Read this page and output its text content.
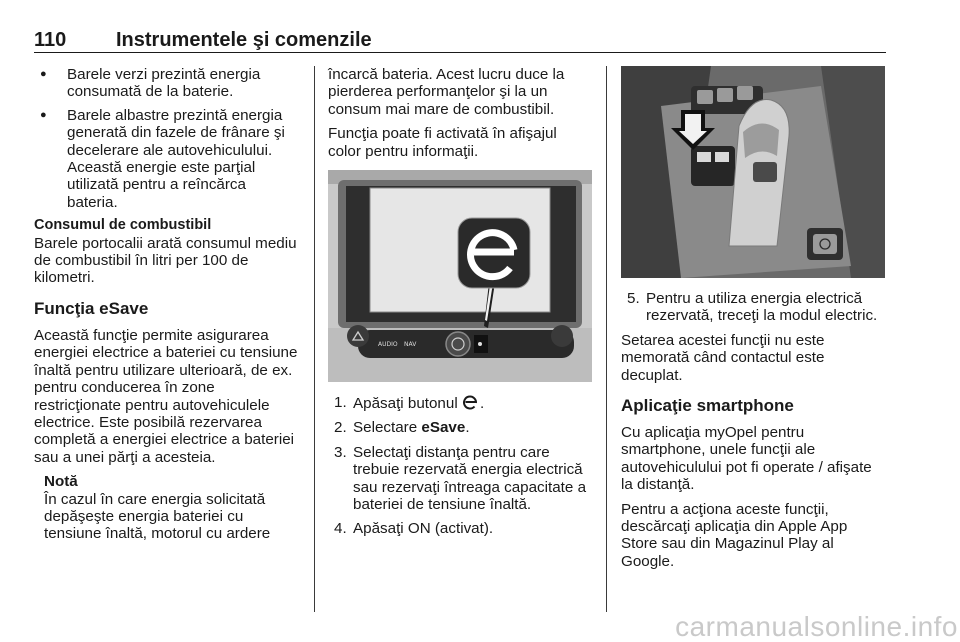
110 Instrumentele şi comenzile
● Barele verzi prezintă energia consumată de la baterie.
● Barele albastre prezintă energia generată din fazele de frânare şi decelerare ale autovehiculului. Această energie este parţial utilizată pentru a reîncărca bateria.
Consumul de combustibil

Barele portocalii arată consumul mediu de combustibil în litri per 100 de kilometri.

Funcţia eSave

Această funcţie permite asigurarea energiei electrice a bateriei cu tensiune înaltă pentru utilizare ulterioară, de ex. pentru conducerea în zone restricţionate pentru autovehiculele electrice. Este posibilă rezervarea completă a energiei electrice a bateriei sau a unei părţi a acesteia.

Notă
În cazul în care energia solicitată depăşeşte energia bateriei cu tensiune înaltă, motorul cu ardere

încarcă bateria. Acest lucru duce la pierderea performanţelor şi la un consum mai mare de combustibil.

Funcţia poate fi activată în afişajul color pentru informaţii.

AUDIO NAV
1. Apăsaţi butonul .
2. Selectare eSave.
3. Selectaţi distanţa pentru care trebuie rezervată energia electrică sau rezervaţi întreaga capacitate a bateriei de tensiune înaltă.
4. Apăsaţi ON (activat).
5. Pentru a utiliza energia electrică rezervată, treceţi la modul electric.

Setarea acestei funcţii nu este memorată când contactul este decuplat.

Aplicaţie smartphone

Cu aplicaţia myOpel pentru smartphone, unele funcţii ale autovehiculului pot fi operate / afişate la distanţă.

Pentru a acţiona aceste funcţii, descărcaţi aplicaţia din Apple App Store sau din Magazinul Play al Google.

carmanualsonline.info
